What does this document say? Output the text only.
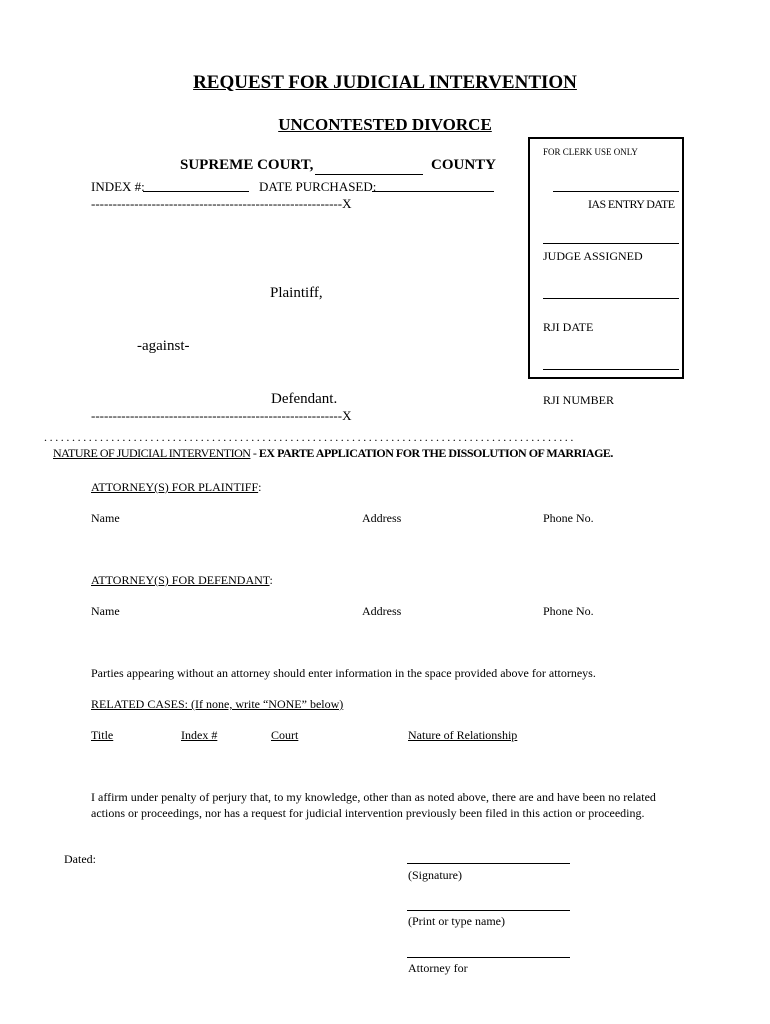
REQUEST FOR JUDICIAL INTERVENTION
UNCONTESTED DIVORCE
SUPREME COURT,	COUNTY
INDEX #:	DATE PURCHASED:
----------------------------------------------------------X
Plaintiff,
-against-
Defendant.
----------------------------------------------------------X
FOR CLERK USE ONLY
IAS ENTRY DATE
JUDGE ASSIGNED
RJI DATE
RJI NUMBER
...............................................................................................
NATURE OF JUDICIAL INTERVENTION - EX PARTE APPLICATION FOR THE DISSOLUTION OF MARRIAGE.
ATTORNEY(S) FOR PLAINTIFF:
Name	Address	Phone No.
ATTORNEY(S) FOR DEFENDANT:
Name	Address	Phone No.
Parties appearing without an attorney should enter information in the space provided above for attorneys.
RELATED CASES: (If none, write “NONE” below)
Title	Index #	Court	Nature of Relationship
I affirm under penalty of perjury that, to my knowledge, other than as noted above, there are and have been no related
actions or proceedings, nor has a request for judicial intervention previously been filed in this action or proceeding.
Dated:
(Signature)
(Print or type name)
Attorney for
